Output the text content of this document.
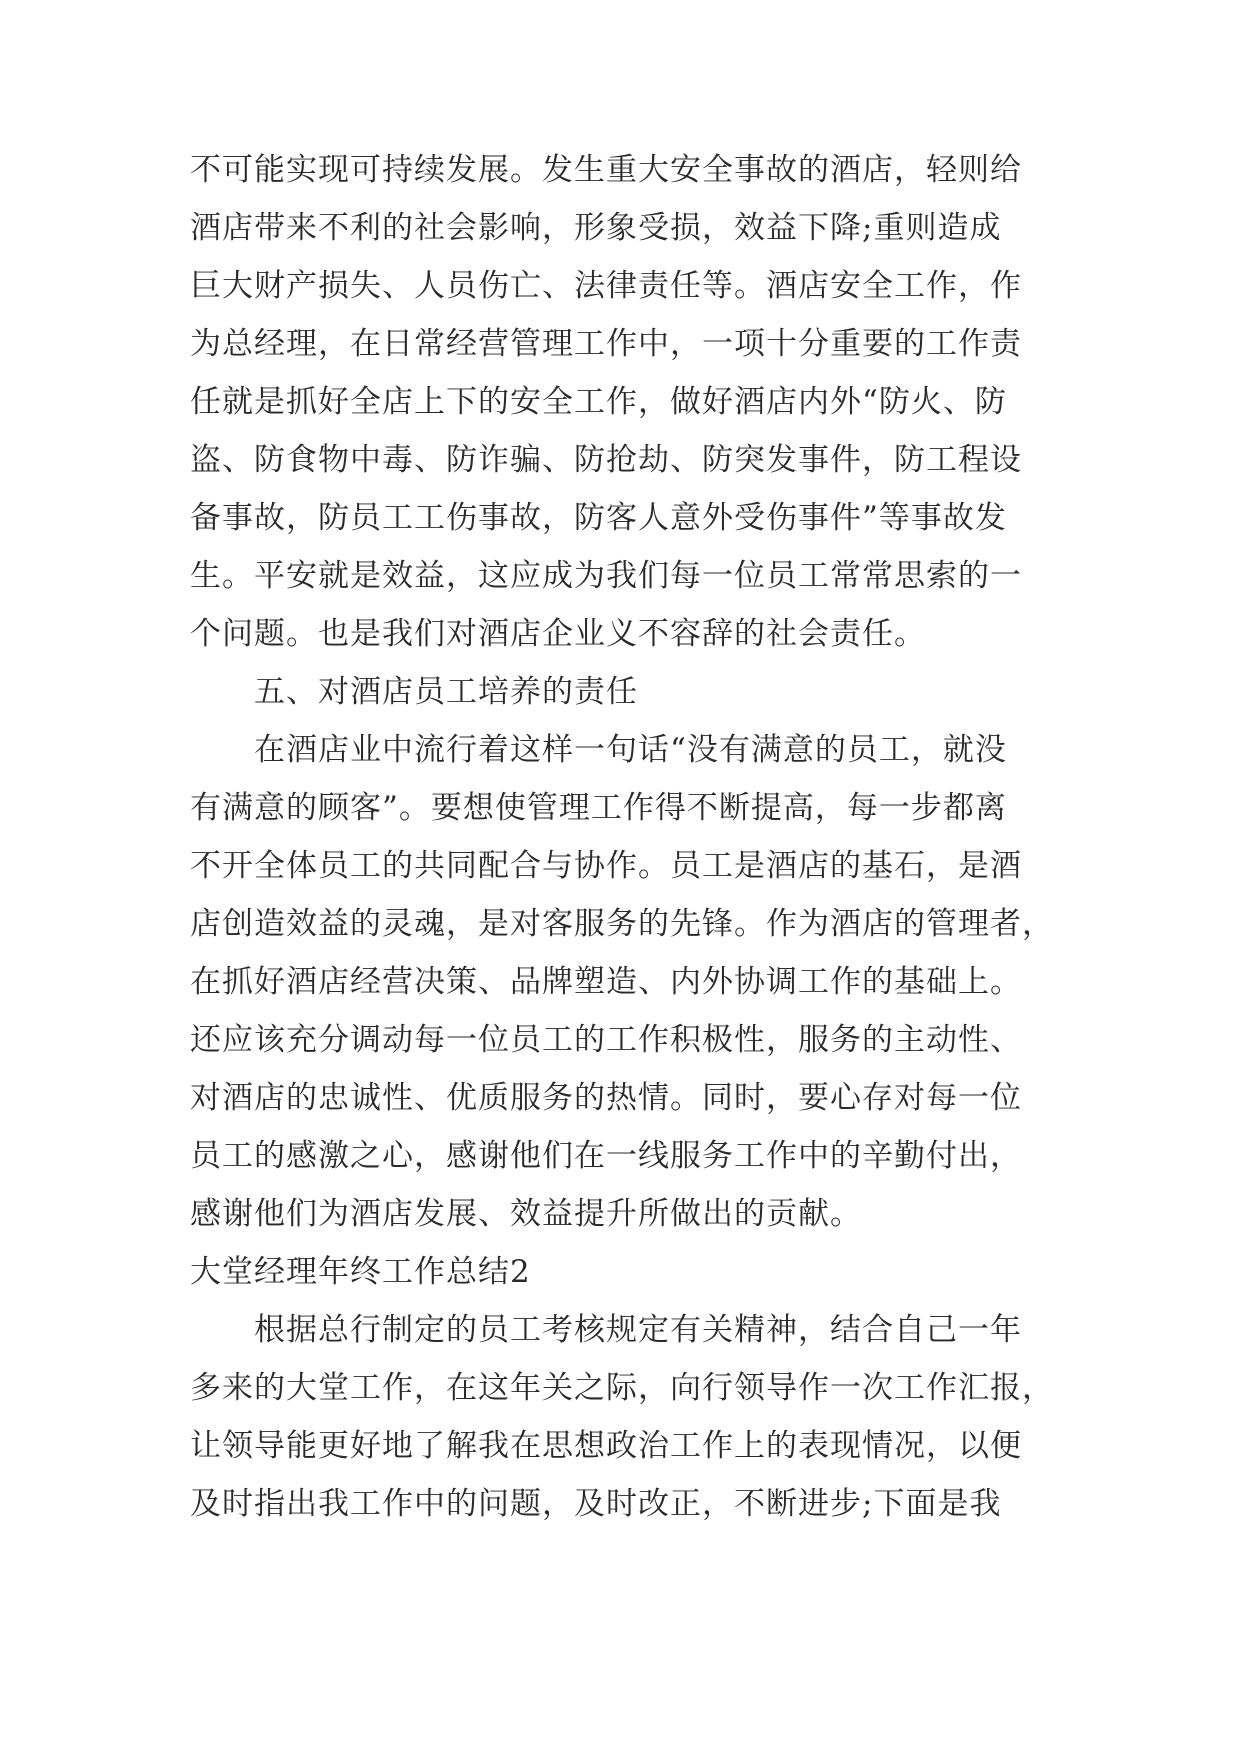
不可能实现可持续发展。发生重大安全事故的酒店，轻则给
酒店带来不利的社会影响，形象受损，效益下降;重则造成
巨大财产损失、人员伤亡、法律责任等。酒店安全工作，作
为总经理，在日常经营管理工作中，一项十分重要的工作责
任就是抓好全店上下的安全工作，做好酒店内外“防火、防
盗、防食物中毒、防诈骗、防抢劫、防突发事件，防工程设
备事故，防员工工伤事故，防客人意外受伤事件”等事故发
生。平安就是效益，这应成为我们每一位员工常常思索的一
个问题。也是我们对酒店企业义不容辞的社会责任。
五、对酒店员工培养的责任
在酒店业中流行着这样一句话“没有满意的员工，就没
有满意的顾客”。要想使管理工作得不断提高，每一步都离
不开全体员工的共同配合与协作。员工是酒店的基石，是酒
店创造效益的灵魂，是对客服务的先锋。作为酒店的管理者，
在抓好酒店经营决策、品牌塑造、内外协调工作的基础上。
还应该充分调动每一位员工的工作积极性，服务的主动性、
对酒店的忠诚性、优质服务的热情。同时，要心存对每一位
员工的感激之心，感谢他们在一线服务工作中的辛勤付出，
感谢他们为酒店发展、效益提升所做出的贡献。
大堂经理年终工作总结2
根据总行制定的员工考核规定有关精神，结合自己一年
多来的大堂工作，在这年关之际，向行领导作一次工作汇报，
让领导能更好地了解我在思想政治工作上的表现情况，以便
及时指出我工作中的问题，及时改正，不断进步;下面是我
